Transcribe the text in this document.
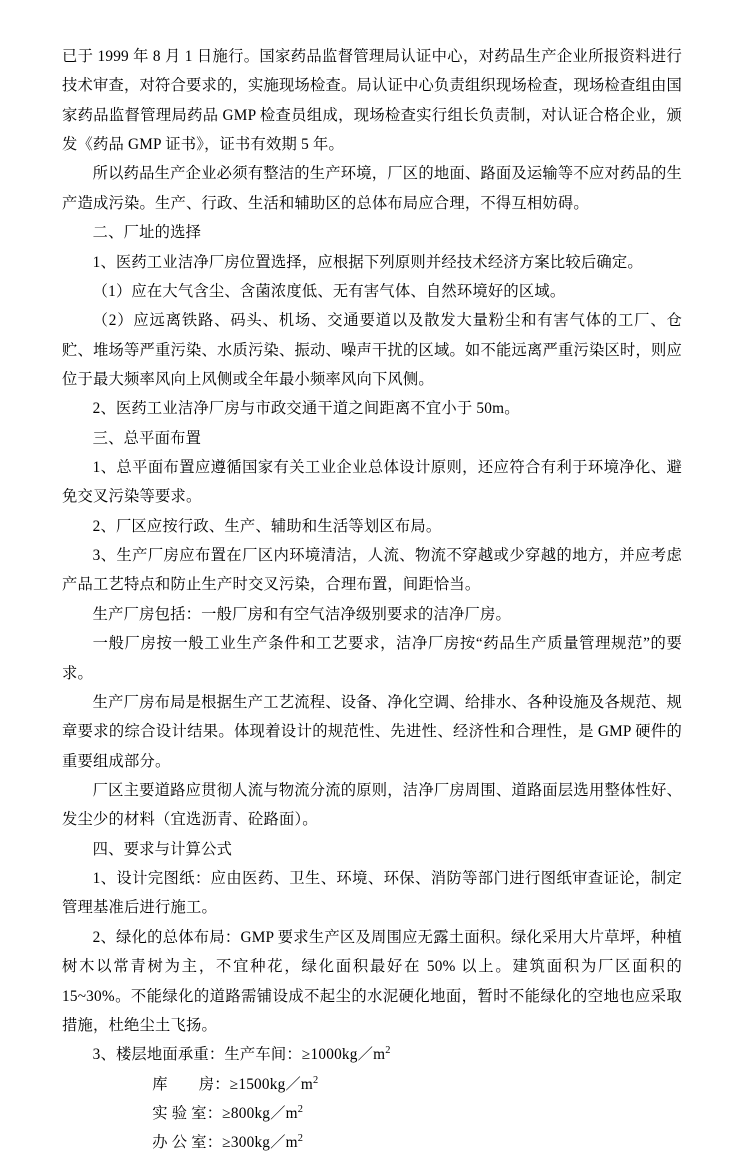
已于 1999 年 8 月 1 日施行。国家药品监督管理局认证中心，对药品生产企业所报资料进行技术审查，对符合要求的，实施现场检查。局认证中心负责组织现场检查，现场检查组由国家药品监督管理局药品 GMP 检查员组成，现场检查实行组长负责制，对认证合格企业，颁发《药品 GMP 证书》，证书有效期 5 年。

所以药品生产企业必须有整洁的生产环境，厂区的地面、路面及运输等不应对药品的生产造成污染。生产、行政、生活和辅助区的总体布局应合理，不得互相妨碍。

二、厂址的选择

1、医药工业洁净厂房位置选择，应根据下列原则并经技术经济方案比较后确定。

（1）应在大气含尘、含菌浓度低、无有害气体、自然环境好的区域。

（2）应远离铁路、码头、机场、交通要道以及散发大量粉尘和有害气体的工厂、仓贮、堆场等严重污染、水质污染、振动、噪声干扰的区域。如不能远离严重污染区时，则应位于最大频率风向上风侧或全年最小频率风向下风侧。

2、医药工业洁净厂房与市政交通干道之间距离不宜小于 50m。

三、总平面布置

1、总平面布置应遵循国家有关工业企业总体设计原则，还应符合有利于环境净化、避免交叉污染等要求。

2、厂区应按行政、生产、辅助和生活等划区布局。

3、生产厂房应布置在厂区内环境清洁，人流、物流不穿越或少穿越的地方，并应考虑产品工艺特点和防止生产时交叉污染，合理布置，间距恰当。

生产厂房包括：一般厂房和有空气洁净级别要求的洁净厂房。

一般厂房按一般工业生产条件和工艺要求，洁净厂房按“药品生产质量管理规范”的要求。

生产厂房布局是根据生产工艺流程、设备、净化空调、给排水、各种设施及各规范、规章要求的综合设计结果。体现着设计的规范性、先进性、经济性和合理性，是 GMP 硬件的重要组成部分。

厂区主要道路应贯彻人流与物流分流的原则，洁净厂房周围、道路面层选用整体性好、发尘少的材料（宜选沥青、砼路面）。

四、要求与计算公式

1、设计完图纸：应由医药、卫生、环境、环保、消防等部门进行图纸审查证论，制定管理基准后进行施工。

2、绿化的总体布局：GMP 要求生产区及周围应无露土面积。绿化采用大片草坪，种植树木以常青树为主，不宜种花，绿化面积最好在 50% 以上。建筑面积为厂区面积的 15~30%。不能绿化的道路需铺设成不起尘的水泥硬化地面，暂时不能绿化的空地也应采取措施，杜绝尘土飞扬。

3、楼层地面承重：生产车间：$\ge 1000kg/m^2$

库　　房：$\ge 1500kg/m^2$

实 验 室：$\ge 800kg/m^2$

办 公 室：$\ge 300kg/m^2$
